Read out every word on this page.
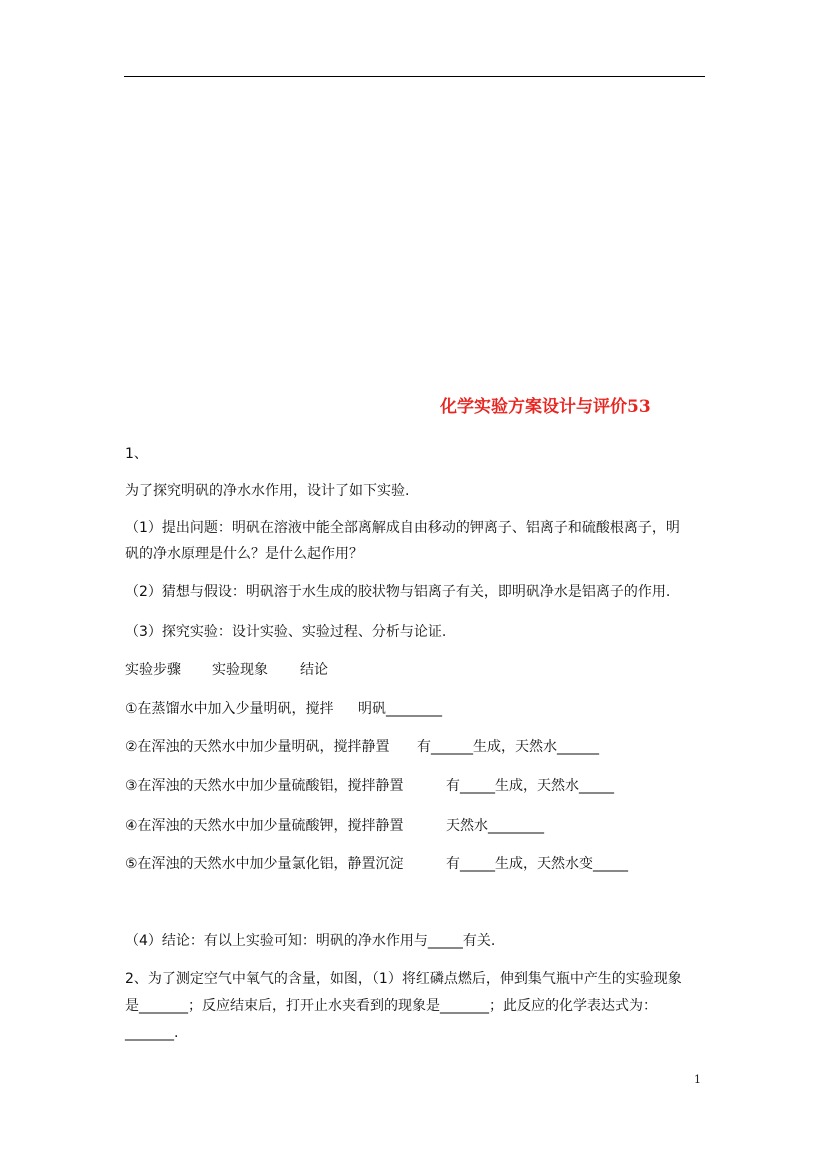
化学实验方案设计与评价53
1、
为了探究明矾的净水水作用，设计了如下实验.
（1）提出问题：明矾在溶液中能全部离解成自由移动的钾离子、铝离子和硫酸根离子，明
矾的净水原理是什么？是什么起作用？
（2）猜想与假设：明矾溶于水生成的胶状物与铝离子有关，即明矾净水是铝离子的作用.
（3）探究实验：设计实验、实验过程、分析与论证.
实验步骤 实验现象 结论
①在蒸馏水中加入少量明矾，搅拌 明矾________
②在浑浊的天然水中加少量明矾，搅拌静置 有______生成，天然水______
③在浑浊的天然水中加少量硫酸铝，搅拌静置	有_____生成，天然水_____
④在浑浊的天然水中加少量硫酸钾，搅拌静置	天然水________
⑤在浑浊的天然水中加少量氯化铝，静置沉淀	有_____生成，天然水变_____
（4）结论：有以上实验可知：明矾的净水作用与_____有关.
2、为了测定空气中氧气的含量，如图，（1）将红磷点燃后，伸到集气瓶中产生的实验现象
是_______；反应结束后，打开止水夹看到的现象是_______；此反应的化学表达式为：
_______.
1
